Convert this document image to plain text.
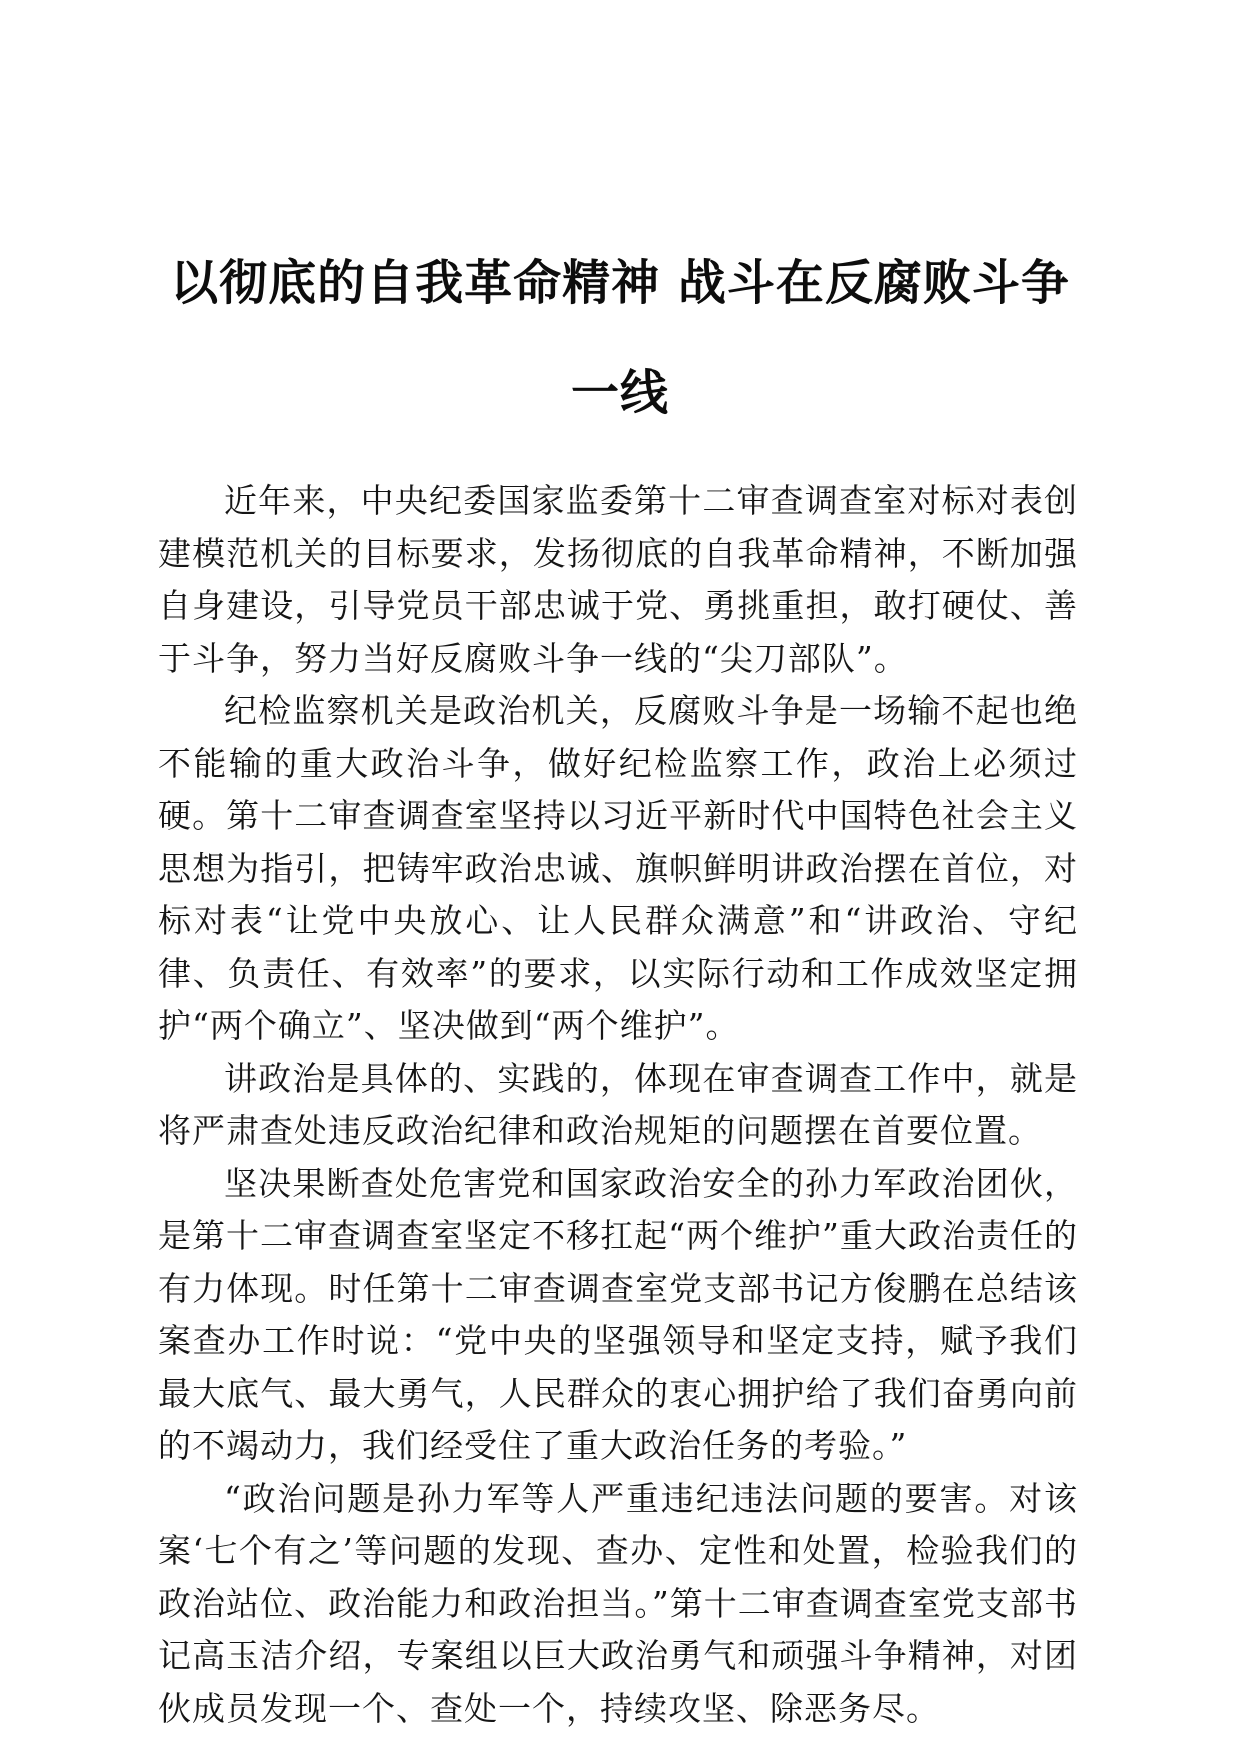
以彻底的自我革命精神 战斗在反腐败斗争一线

近年来，中央纪委国家监委第十二审查调查室对标对表创建模范机关的目标要求，发扬彻底的自我革命精神，不断加强自身建设，引导党员干部忠诚于党、勇挑重担，敢打硬仗、善于斗争，努力当好反腐败斗争一线的“尖刀部队”。

纪检监察机关是政治机关，反腐败斗争是一场输不起也绝不能输的重大政治斗争，做好纪检监察工作，政治上必须过硬。第十二审查调查室坚持以习近平新时代中国特色社会主义思想为指引，把铸牢政治忠诚、旗帜鲜明讲政治摆在首位，对标对表“让党中央放心、让人民群众满意”和“讲政治、守纪律、负责任、有效率”的要求，以实际行动和工作成效坚定拥护“两个确立”、坚决做到“两个维护”。

讲政治是具体的、实践的，体现在审查调查工作中，就是将严肃查处违反政治纪律和政治规矩的问题摆在首要位置。

坚决果断查处危害党和国家政治安全的孙力军政治团伙，是第十二审查调查室坚定不移扛起“两个维护”重大政治责任的有力体现。时任第十二审查调查室党支部书记方俊鹏在总结该案查办工作时说：“党中央的坚强领导和坚定支持，赋予我们最大底气、最大勇气，人民群众的衷心拥护给了我们奋勇向前的不竭动力，我们经受住了重大政治任务的考验。”

“政治问题是孙力军等人严重违纪违法问题的要害。对该案‘七个有之’等问题的发现、查办、定性和处置，检验我们的政治站位、政治能力和政治担当。”第十二审查调查室党支部书记高玉洁介绍，专案组以巨大政治勇气和顽强斗争精神，对团伙成员发现一个、查处一个，持续攻坚、除恶务尽。
